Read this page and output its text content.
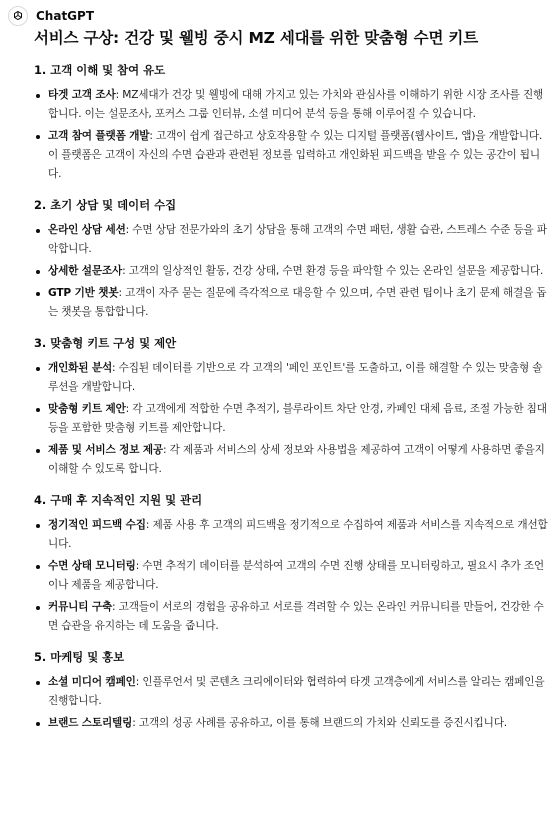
ChatGPT
서비스 구상: 건강 및 웰빙 중시 MZ 세대를 위한 맞춤형 수면 키트
1. 고객 이해 및 참여 유도
타겟 고객 조사: MZ세대가 건강 및 웰빙에 대해 가지고 있는 가치와 관심사를 이해하기 위한 시장 조사를 진행합니다. 이는 설문조사, 포커스 그룹 인터뷰, 소셜 미디어 분석 등을 통해 이루어질 수 있습니다.
고객 참여 플랫폼 개발: 고객이 쉽게 접근하고 상호작용할 수 있는 디지털 플랫폼(웹사이트, 앱)을 개발합니다. 이 플랫폼은 고객이 자신의 수면 습관과 관련된 정보를 입력하고 개인화된 피드백을 받을 수 있는 공간이 됩니다.
2. 초기 상담 및 데이터 수집
온라인 상담 세션: 수면 상담 전문가와의 초기 상담을 통해 고객의 수면 패턴, 생활 습관, 스트레스 수준 등을 파악합니다.
상세한 설문조사: 고객의 일상적인 활동, 건강 상태, 수면 환경 등을 파악할 수 있는 온라인 설문을 제공합니다.
GTP 기반 챗봇: 고객이 자주 묻는 질문에 즉각적으로 대응할 수 있으며, 수면 관련 팁이나 초기 문제 해결을 돕는 챗봇을 통합합니다.
3. 맞춤형 키트 구성 및 제안
개인화된 분석: 수집된 데이터를 기반으로 각 고객의 '페인 포인트'를 도출하고, 이를 해결할 수 있는 맞춤형 솔루션을 개발합니다.
맞춤형 키트 제안: 각 고객에게 적합한 수면 추적기, 블루라이트 차단 안경, 카페인 대체 음료, 조절 가능한 침대 등을 포함한 맞춤형 키트를 제안합니다.
제품 및 서비스 정보 제공: 각 제품과 서비스의 상세 정보와 사용법을 제공하여 고객이 어떻게 사용하면 좋을지 이해할 수 있도록 합니다.
4. 구매 후 지속적인 지원 및 관리
정기적인 피드백 수집: 제품 사용 후 고객의 피드백을 정기적으로 수집하여 제품과 서비스를 지속적으로 개선합니다.
수면 상태 모니터링: 수면 추적기 데이터를 분석하여 고객의 수면 진행 상태를 모니터링하고, 필요시 추가 조언이나 제품을 제공합니다.
커뮤니티 구축: 고객들이 서로의 경험을 공유하고 서로를 격려할 수 있는 온라인 커뮤니티를 만들어, 건강한 수면 습관을 유지하는 데 도움을 줍니다.
5. 마케팅 및 홍보
소셜 미디어 캠페인: 인플루언서 및 콘텐츠 크리에이터와 협력하여 타겟 고객층에게 서비스를 알리는 캠페인을 진행합니다.
브랜드 스토리텔링: 고객의 성공 사례를 공유하고, 이를 통해 브랜드의 가치와 신뢰도를 증진시킵니다.
